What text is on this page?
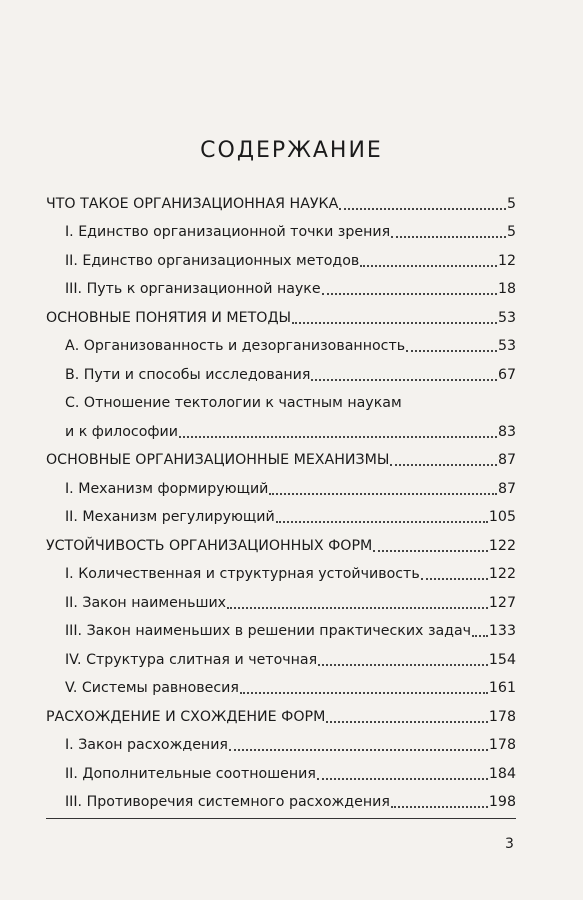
СОДЕРЖАНИЕ
ЧТО ТАКОЕ ОРГАНИЗАЦИОННАЯ НАУКА	5
I. Единство организационной точки зрения	5
II. Единство организационных методов	12
III. Путь к организационной науке	18
ОСНОВНЫЕ ПОНЯТИЯ И МЕТОДЫ	53
А. Организованность и дезорганизованность	53
В. Пути и способы исследования	67
С. Отношение тектологии к частным наукам
и к философии	83
ОСНОВНЫЕ ОРГАНИЗАЦИОННЫЕ МЕХАНИЗМЫ	87
I. Механизм формирующий	87
II. Механизм регулирующий	105
УСТОЙЧИВОСТЬ ОРГАНИЗАЦИОННЫХ ФОРМ	122
I. Количественная и структурная устойчивость	122
II. Закон наименьших	127
III. Закон наименьших в решении практических задач 133
IV. Структура слитная и четочная	154
V. Системы равновесия	161
РАСХОЖДЕНИЕ И СХОЖДЕНИЕ ФОРМ	178
I. Закон расхождения	178
II. Дополнительные соотношения	184
III. Противоречия системного расхождения	198
3
